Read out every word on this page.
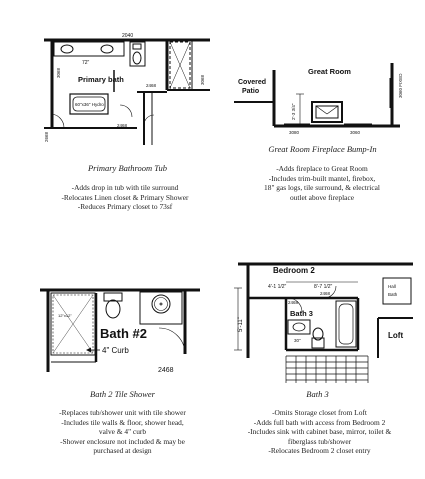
2040
Primary bath
72"
60"x36" Hydro
3068
2468
2468
2668
3068
Primary Bathroom Tub
-Adds drop in tub with tile surround
-Relocates Linen closet & Primary Shower
-Reduces Primary closet to 73sf
Great Room
Covered
Patio
2'-3 3/4"
3080	3060
3060 FIXED
Great Room Fireplace Bump-In
-Adds fireplace to Great Room
-Includes trim-built mantel, firebox,
18" gas logs, tile surround, & electrical
outlet above fireplace
Bath #2
4" Curb
12"x12"
2468
Bath 2 Tile Shower
-Replaces tub/shower unit with tile shower
-Includes tile walls & floor, shower head,
valve & 4" curb
-Shower enclosure not included & may be
purchased at design
Bedroom 2
Bath 3
Loft
4'-1 1/2"	8'-7 1/2"
5'-11"
2468
2468
30"
Hall
Bath
Bath 3
-Omits Storage closet from Loft
-Adds full bath with access from Bedroom 2
-Includes sink with cabinet base, mirror, toilet &
fiberglass tub/shower
-Relocates Bedroom 2 closet entry
